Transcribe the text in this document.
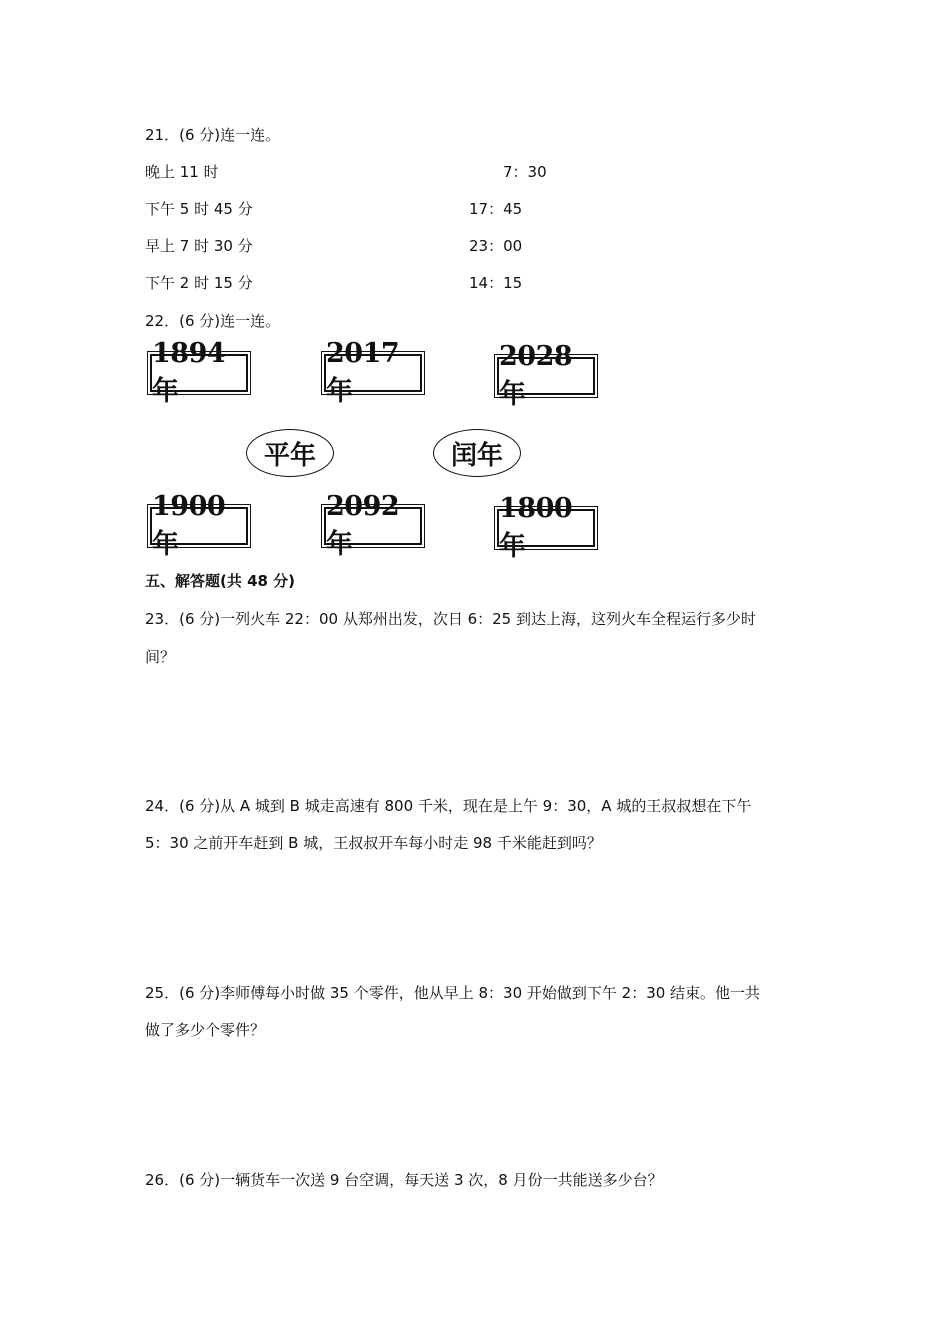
21．(6 分)连一连。
晚上 11 时
下午 5 时 45 分
早上 7 时 30 分
下午 2 时 15 分
7：30
17：45
23：00
14：15
22．(6 分)连一连。
1894 年
2017 年
2028 年
平年	闰年
1900 年
2092 年
1800 年
五、解答题(共 48 分)
23．(6 分)一列火车 22：00 从郑州出发，次日 6：25 到达上海，这列火车全程运行多少时
间？
24．(6 分)从 A 城到 B 城走高速有 800 千米，现在是上午 9：30，A 城的王叔叔想在下午
5：30 之前开车赶到 B 城，王叔叔开车每小时走 98 千米能赶到吗？
25．(6 分)李师傅每小时做 35 个零件，他从早上 8：30 开始做到下午 2：30 结束。他一共
做了多少个零件？
26．(6 分)一辆货车一次送 9 台空调，每天送 3 次，8 月份一共能送多少台？
